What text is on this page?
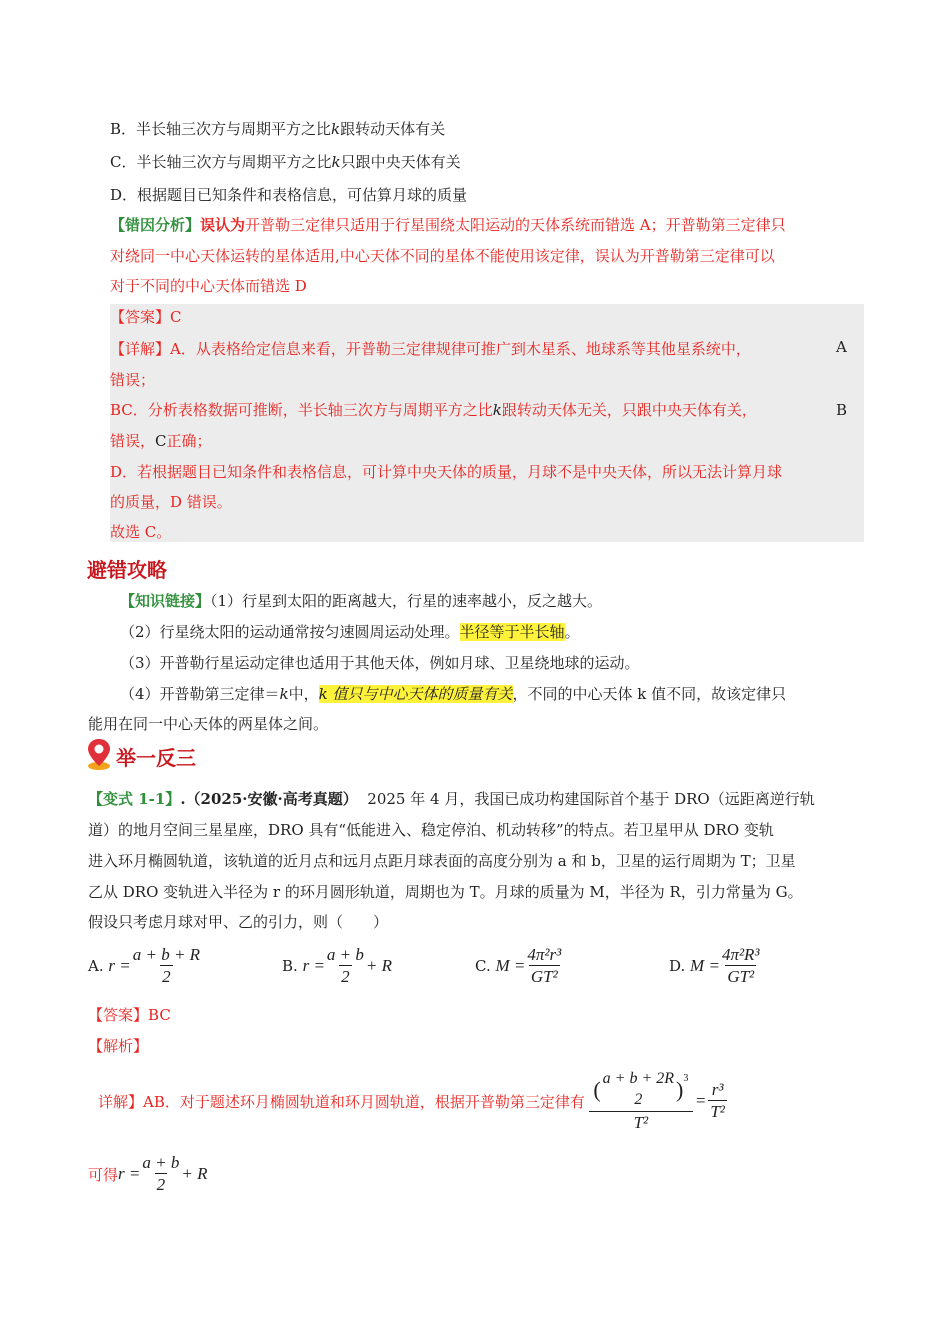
B．半长轴三次方与周期平方之比k跟转动天体有关
C．半长轴三次方与周期平方之比k只跟中央天体有关
D．根据题目已知条件和表格信息，可估算月球的质量
【错因分析】误认为开普勒三定律只适用于行星围绕太阳运动的天体系统而错选 A；开普勒第三定律只
对绕同一中心天体运转的星体适用,中心天体不同的星体不能使用该定律，误认为开普勒第三定律可以
对于不同的中心天体而错选 D
【答案】C
【详解】A．从表格给定信息来看，开普勒三定律规律可推广到木星系、地球系等其他星系统中，	A
错误；
BC．分析表格数据可推断，半长轴三次方与周期平方之比k跟转动天体无关，只跟中央天体有关，	B
错误，C正确；
D．若根据题目已知条件和表格信息，可计算中央天体的质量，月球不是中央天体，所以无法计算月球
的质量，D 错误。
故选 C。
避错攻略
【知识链接】（1）行星到太阳的距离越大，行星的速率越小，反之越大。
（2）行星绕太阳的运动通常按匀速圆周运动处理。半径等于半长轴。
（3）开普勒行星运动定律也适用于其他天体，例如月球、卫星绕地球的运动。
（4）开普勒第三定律＝k中，k 值只与中心天体的质量有关，不同的中心天体 k 值不同，故该定律只
能用在同一中心天体的两星体之间。
举一反三
【变式 1-1】.（2025·安徽·高考真题） 2025 年 4 月，我国已成功构建国际首个基于 DRO（远距离逆行轨
道）的地月空间三星星座，DRO 具有“低能进入、稳定停泊、机动转移”的特点。若卫星甲从 DRO 变轨
进入环月椭圆轨道，该轨道的近月点和远月点距月球表面的高度分别为 a 和 b，卫星的运行周期为 T；卫星
乙从 DRO 变轨进入半径为 r 的环月圆形轨道，周期也为 T。月球的质量为 M，半径为 R，引力常量为 G。
假设只考虑月球对甲、乙的引力，则（　　）
A.
$r = \frac{a + b + R}{2}$	B.
$r = \frac{a + b}{2} + R$	C.
$M = \frac{\text{4π²r³}}{\text{GT²}}$	D.
$M = \frac{\text{4π²R³}}{\text{GT²}}$
【答案】BC
【解析】
详解】AB．对于题述环月椭圆轨道和环月圆轨道，根据开普勒第三定律有 ( a + b + 2R
2 )$^3$
$T^2 = \frac{\text{r³}}{\text{T²}}$
可得 $r = \frac{a + b}{2} + R$
